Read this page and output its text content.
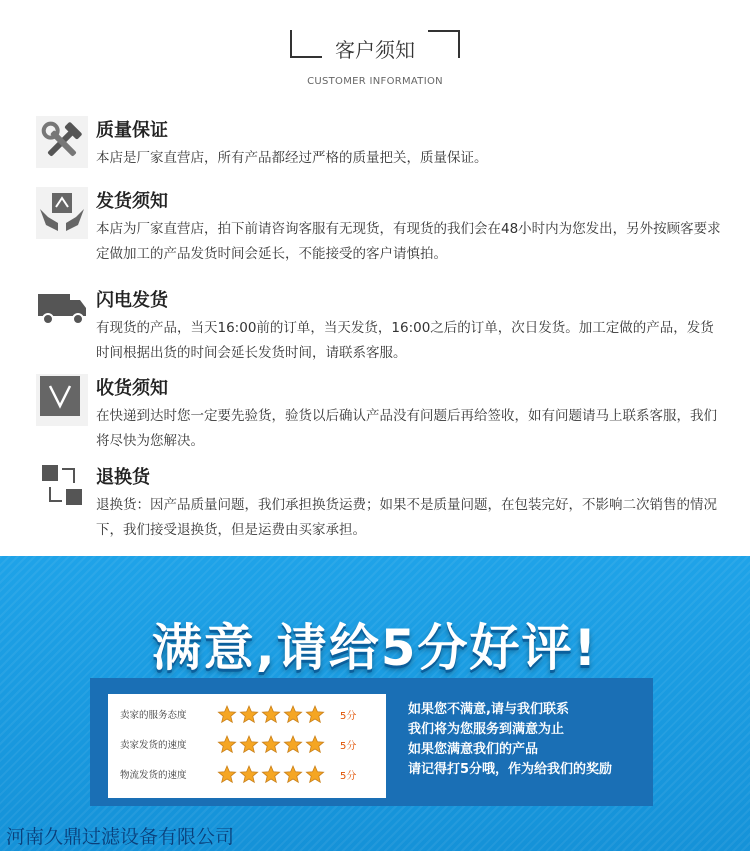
客户须知
CUSTOMER INFORMATION
质量保证
本店是厂家直营店，所有产品都经过严格的质量把关，质量保证。
发货须知
本店为厂家直营店，拍下前请咨询客服有无现货，有现货的我们会在48小时内为您发出，另外按顾客要求定做加工的产品发货时间会延长，不能接受的客户请慎拍。
闪电发货
有现货的产品，当天16:00前的订单，当天发货，16:00之后的订单，次日发货。加工定做的产品，发货时间根据出货的时间会延长发货时间，请联系客服。
收货须知
在快递到达时您一定要先验货，验货以后确认产品没有问题后再给签收，如有问题请马上联系客服，我们将尽快为您解决。
退换货
退换货：因产品质量问题，我们承担换货运费；如果不是质量问题，在包装完好，不影响二次销售的情况下，我们接受退换货，但是运费由买家承担。
满意,请给5分好评!
卖家的服务态度	5分
卖家发货的速度	5分
物流发货的速度	5分
如果您不满意,请与我们联系
我们将为您服务到满意为止
如果您满意我们的产品
请记得打5分哦，作为给我们的奖励
河南久鼎过滤设备有限公司
